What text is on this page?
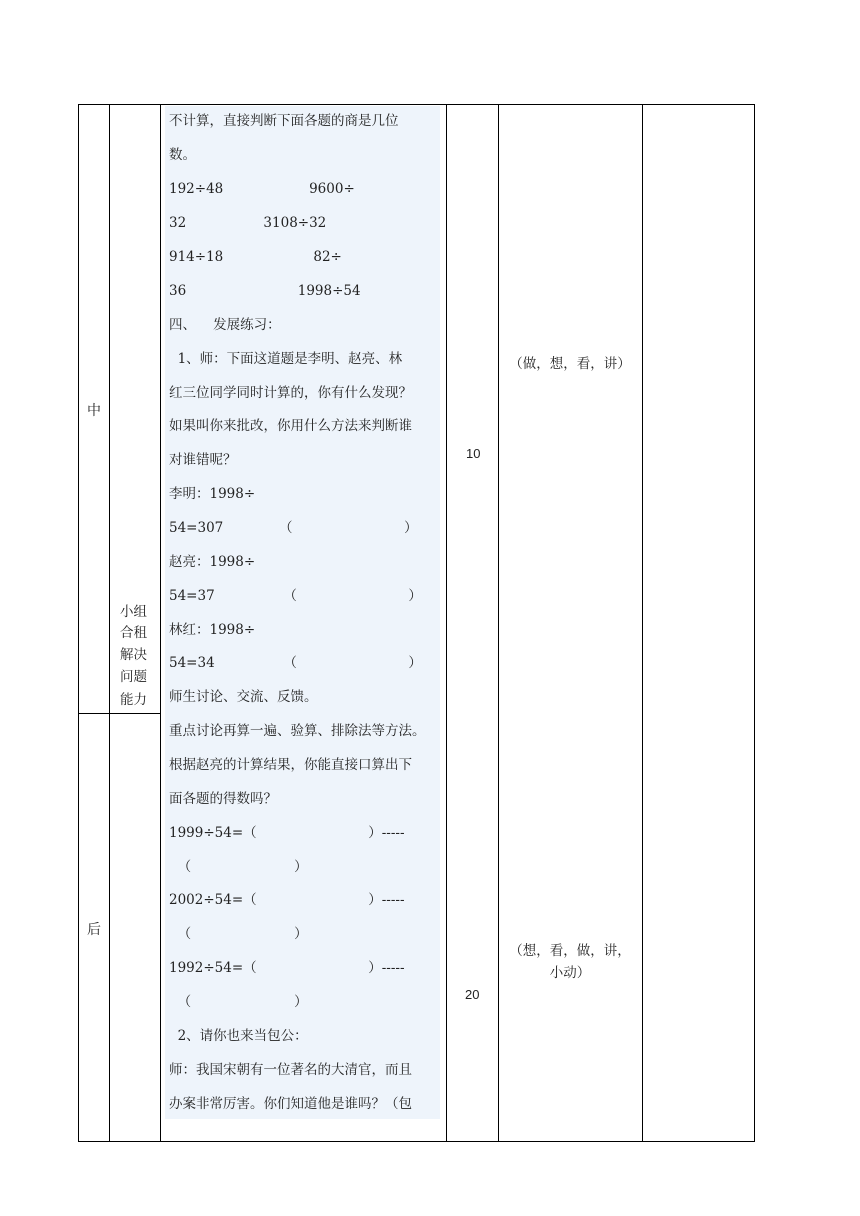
中
后
小组
合租
解决
问题
能力
不计算，直接判断下面各题的商是几位
数。
192÷48                    9600÷
32                  3108÷32
914÷18                     82÷
36                          1998÷54
四、    发展练习：
1、师：下面这道题是李明、赵亮、林
红三位同学同时计算的，你有什么发现？
如果叫你来批改，你用什么方法来判断谁
对谁错呢？
李明：1998÷
54=307             （                          ）
赵亮：1998÷
54=37                （                          ）
林红：1998÷
54=34                （                          ）
师生讨论、交流、反馈。
重点讨论再算一遍、验算、排除法等方法。
根据赵亮的计算结果，你能直接口算出下
面各题的得数吗？
1999÷54=（                          ）-----
（                        ）
2002÷54=（                          ）-----
（                        ）
1992÷54=（                          ）-----
（                        ）
2、请你也来当包公：
师：我国宋朝有一位著名的大清官，而且
办案非常厉害。你们知道他是谁吗？（包
10
20
（做，想，看，讲）
（想，看，做，讲，
小动）
